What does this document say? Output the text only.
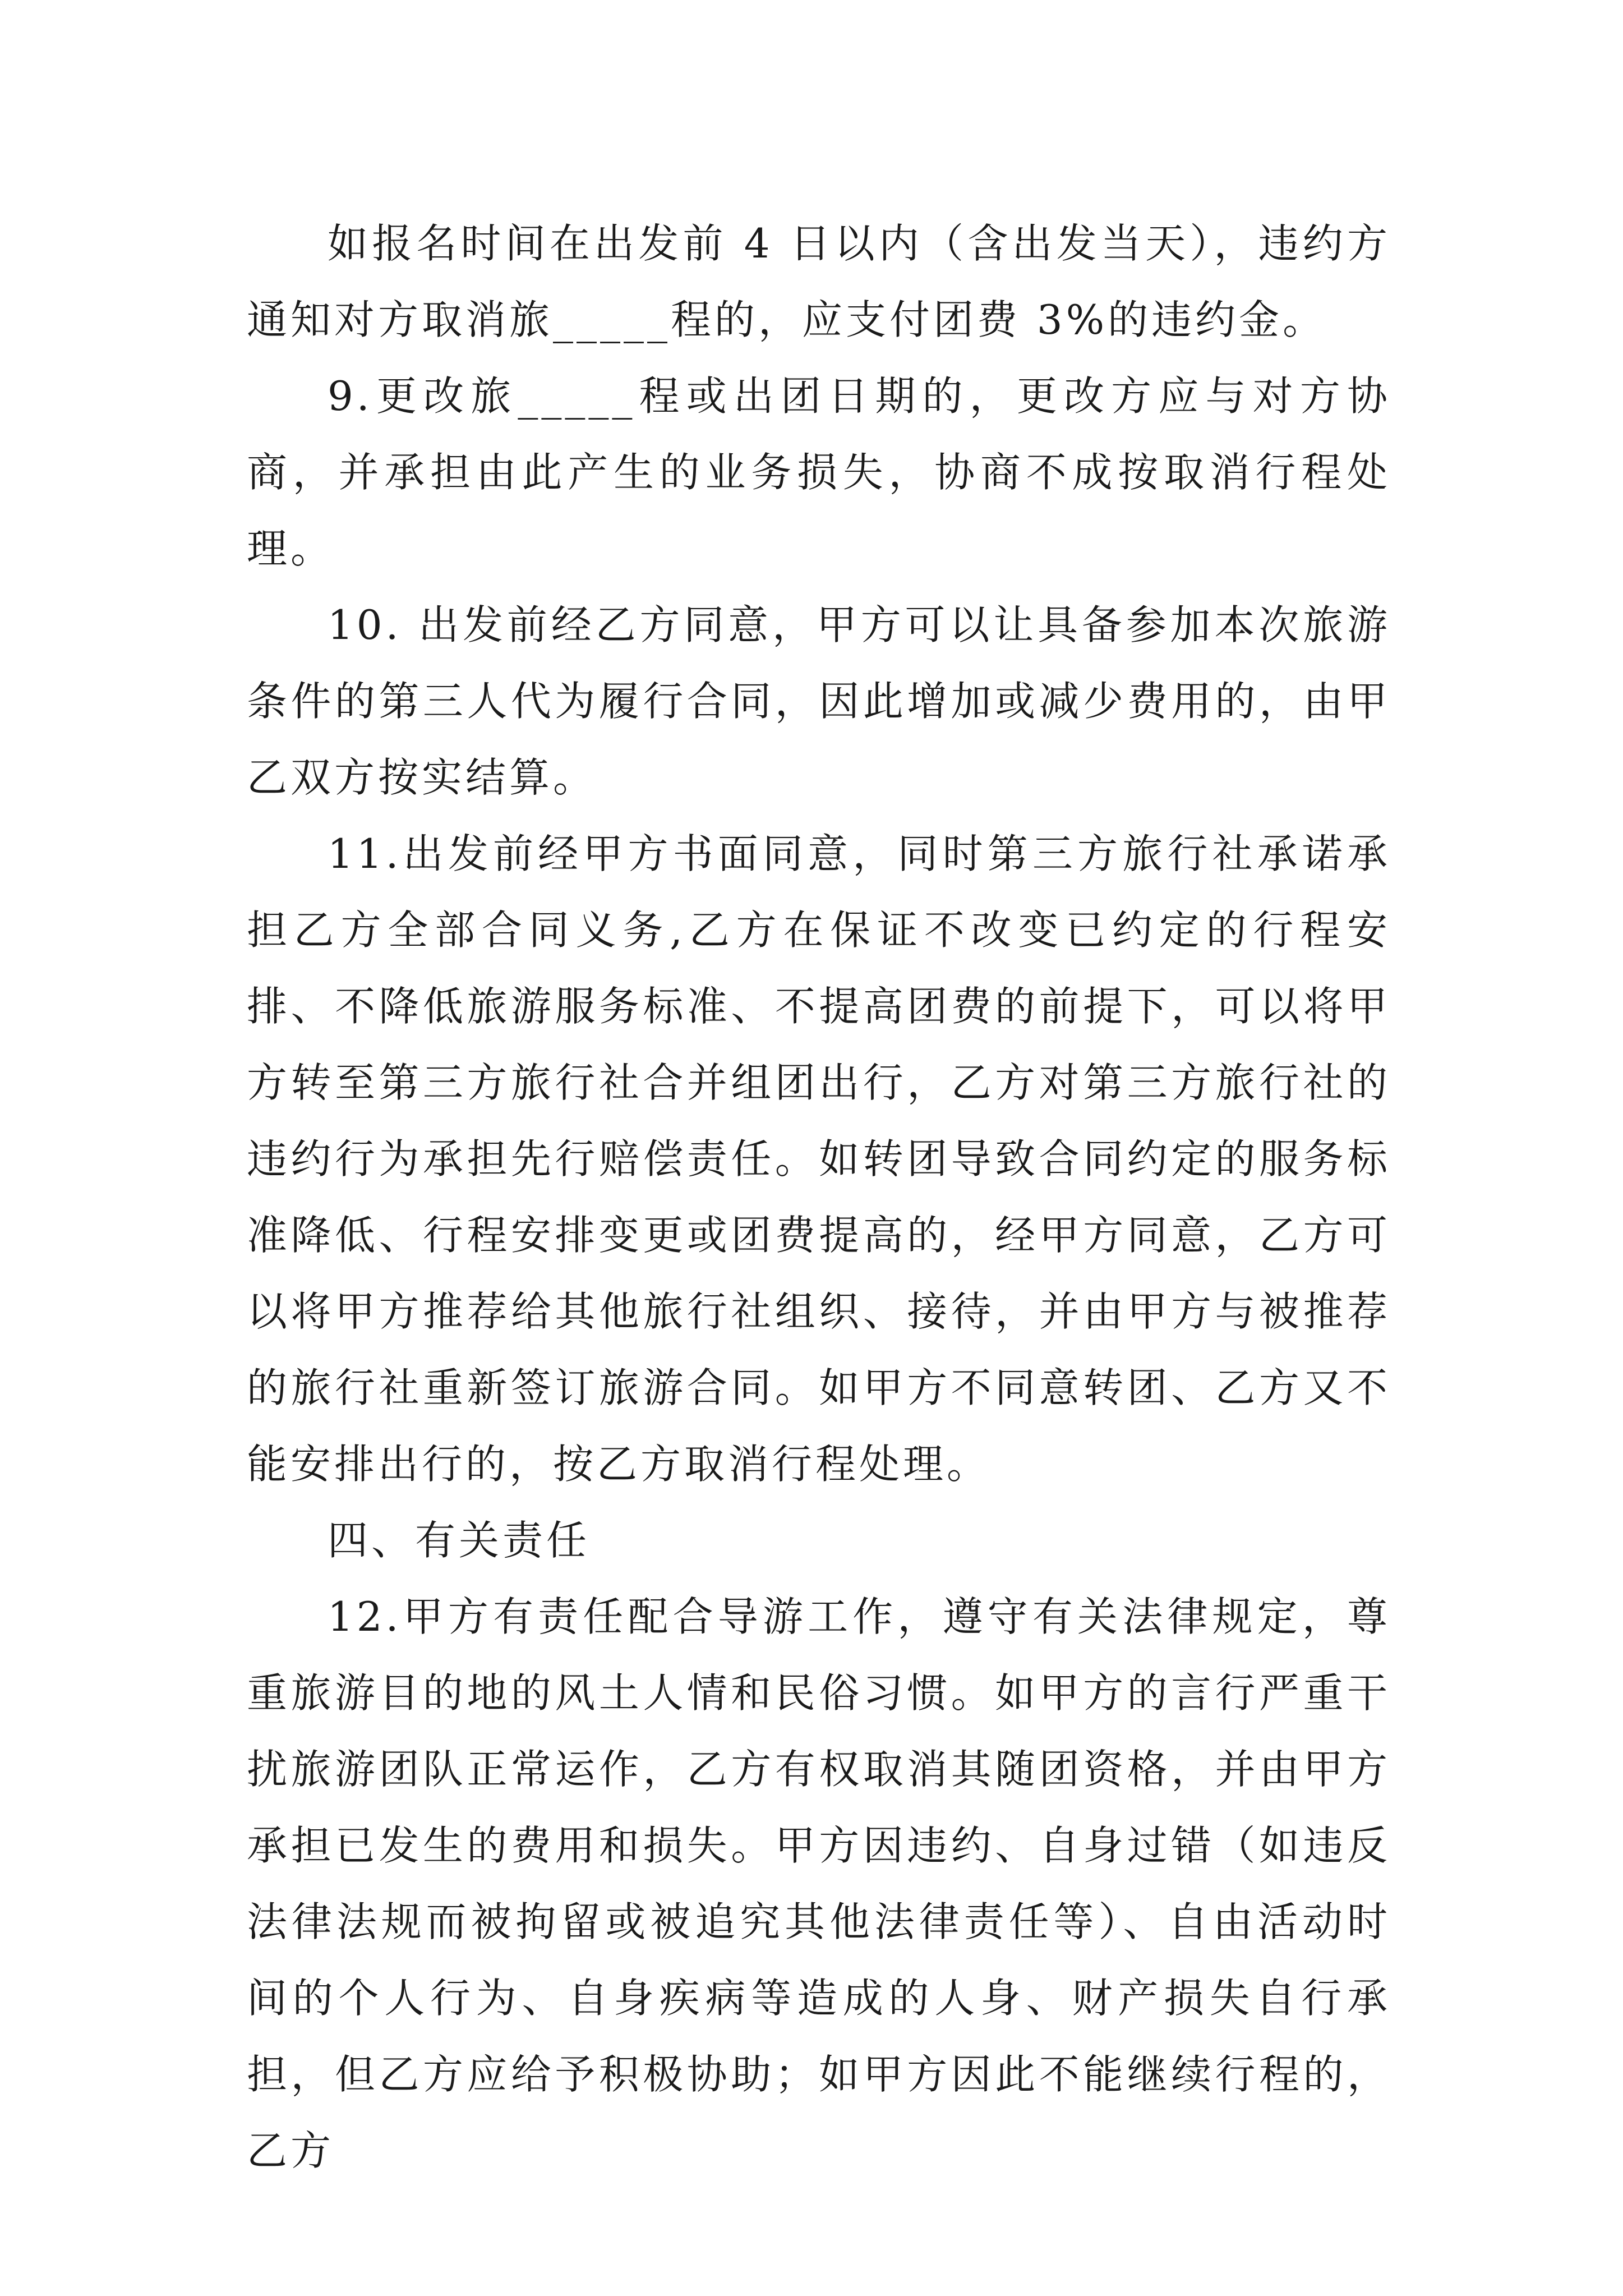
如报名时间在出发前 4 日以内（含出发当天），违约方通知对方取消旅_____程的，应支付团费 3%的违约金。

9.更改旅_____程或出团日期的，更改方应与对方协商，并承担由此产生的业务损失，协商不成按取消行程处理。

10. 出发前经乙方同意，甲方可以让具备参加本次旅游条件的第三人代为履行合同，因此增加或减少费用的，由甲乙双方按实结算。

11.出发前经甲方书面同意，同时第三方旅行社承诺承担乙方全部合同义务,乙方在保证不改变已约定的行程安排、不降低旅游服务标准、不提高团费的前提下，可以将甲方转至第三方旅行社合并组团出行，乙方对第三方旅行社的违约行为承担先行赔偿责任。如转团导致合同约定的服务标准降低、行程安排变更或团费提高的，经甲方同意，乙方可以将甲方推荐给其他旅行社组织、接待，并由甲方与被推荐的旅行社重新签订旅游合同。如甲方不同意转团、乙方又不能安排出行的，按乙方取消行程处理。

四、有关责任

12.甲方有责任配合导游工作，遵守有关法律规定，尊重旅游目的地的风土人情和民俗习惯。如甲方的言行严重干扰旅游团队正常运作，乙方有权取消其随团资格，并由甲方承担已发生的费用和损失。甲方因违约、自身过错（如违反法律法规而被拘留或被追究其他法律责任等）、自由活动时间的个人行为、自身疾病等造成的人身、财产损失自行承担，但乙方应给予积极协助；如甲方因此不能继续行程的，乙方
